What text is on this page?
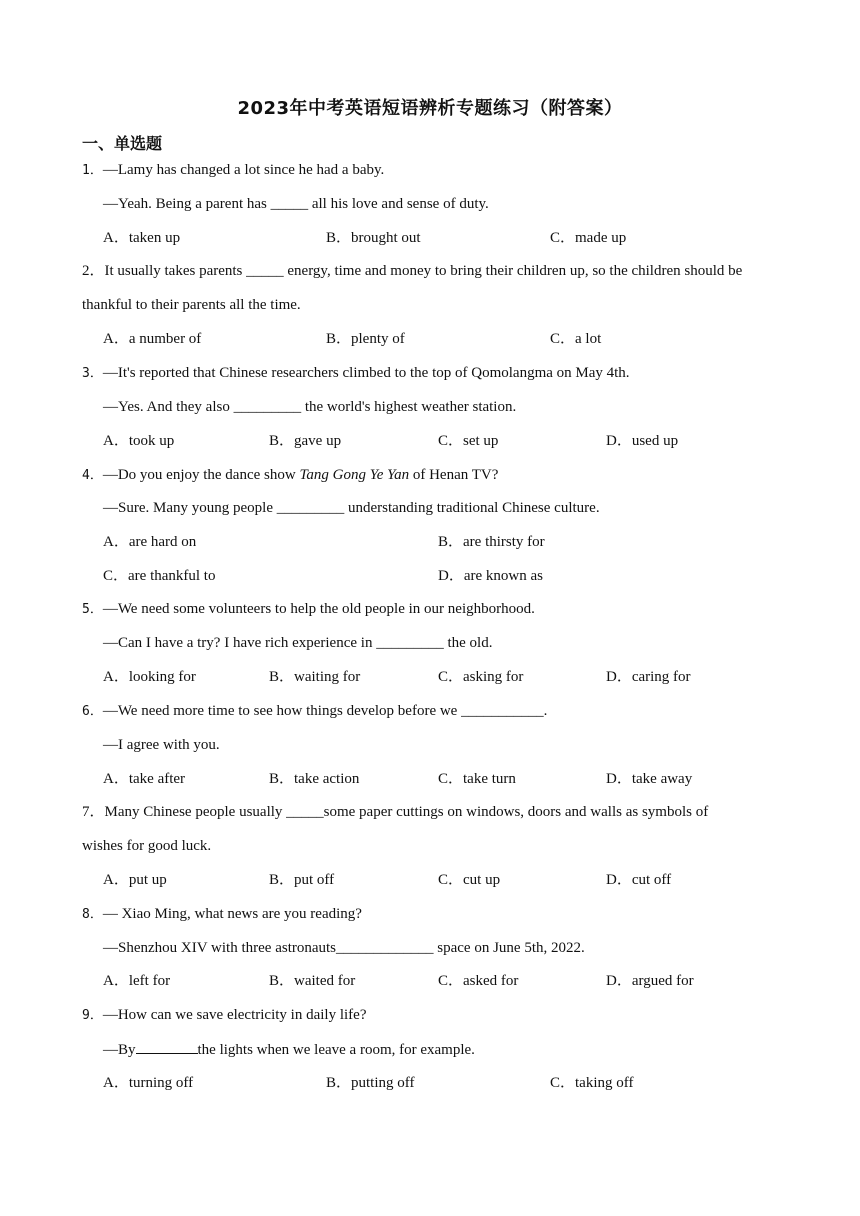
2023年中考英语短语辨析专题练习（附答案）
一、单选题
1．—Lamy has changed a lot since he had a baby.
—Yeah. Being a parent has _____ all his love and sense of duty.
A．taken up	B．brought out	C．made up
2．It usually takes parents _____ energy, time and money to bring their children up, so the children should be
thankful to their parents all the time.
A．a number of	B．plenty of	C．a lot
3．—It's reported that Chinese researchers climbed to the top of Qomolangma on May 4th.
—Yes. And they also _________ the world's highest weather station.
A．took up	B．gave up	C．set up	D．used up
4．—Do you enjoy the dance show Tang Gong Ye Yan of Henan TV?
—Sure. Many young people _________ understanding traditional Chinese culture.
A．are hard on	B．are thirsty for
C．are thankful to	D．are known as
5．—We need some volunteers to help the old people in our neighborhood.
—Can I have a try? I have rich experience in _________ the old.
A．looking for	B．waiting for	C．asking for	D．caring for
6．—We need more time to see how things develop before we ___________.
—I agree with you.
A．take after	B．take action	C．take turn	D．take away
7．Many Chinese people usually _____some paper cuttings on windows, doors and walls as symbols of
wishes for good luck.
A．put up	B．put off	C．cut up	D．cut off
8．— Xiao Ming, what news are you reading?
—Shenzhou XIV with three astronauts_____________ space on June 5th, 2022.
A．left for	B．waited for	C．asked for	D．argued for
9．—How can we save electricity in daily life?
—By	the lights when we leave a room, for example.
A．turning off	B．putting off	C．taking off
